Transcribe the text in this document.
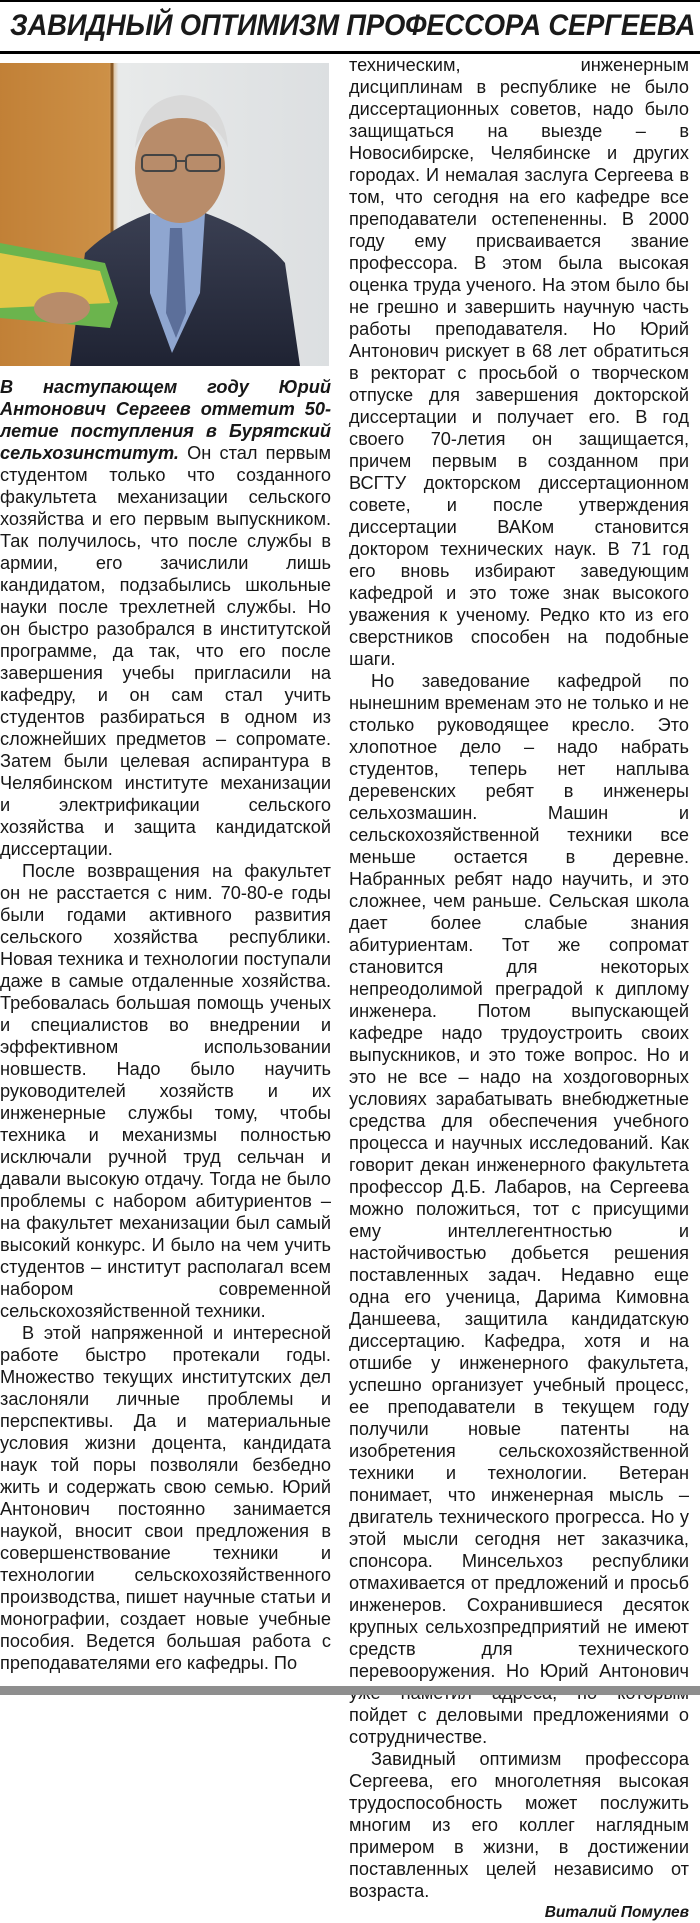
ЗАВИДНЫЙ ОПТИМИЗМ ПРОФЕССОРА СЕРГЕЕВА

В наступающем году Юрий Антонович Сергеев отметит 50-летие поступления в Бурятский сельхозинститут. Он стал первым студентом только что созданного факультета механизации сельского хозяйства и его первым выпускником. Так получилось, что после службы в армии, его зачислили лишь кандидатом, подзабылись школьные науки после трехлетней службы. Но он быстро разобрался в институтской программе, да так, что его после завершения учебы пригласили на кафедру, и он сам стал учить студентов разбираться в одном из сложнейших предметов – сопромате. Затем были целевая аспирантура в Челябинском институте механизации и электрификации сельского хозяйства и защита кандидатской диссертации.

После возвращения на факультет он не расстается с ним. 70-80-е годы были годами активного развития сельского хозяйства республики. Новая техника и технологии поступали даже в самые отдаленные хозяйства. Требовалась большая помощь ученых и специалистов во внедрении и эффективном использовании новшеств. Надо было научить руководителей хозяйств и их инженерные службы тому, чтобы техника и механизмы полностью исключали ручной труд сельчан и давали высокую отдачу. Тогда не было проблемы с набором абитуриентов – на факультет механизации был самый высокий конкурс. И было на чем учить студентов – институт располагал всем набором современной сельскохозяйственной техники.

В этой напряженной и интересной работе быстро протекали годы. Множество текущих институтских дел заслоняли личные проблемы и перспективы. Да и материальные условия жизни доцента, кандидата наук той поры позволяли безбедно жить и содержать свою семью. Юрий Антонович постоянно занимается наукой, вносит свои предложения в совершенствование техники и технологии сельскохозяйственного производства, пишет научные статьи и монографии, создает новые учебные пособия. Ведется большая работа с преподавателями его кафедры. По

техническим, инженерным дисциплинам в республике не было диссертационных советов, надо было защищаться на выезде – в Новосибирске, Челябинске и других городах. И немалая заслуга Сергеева в том, что сегодня на его кафедре все преподаватели остепененны. В 2000 году ему присваивается звание профессора. В этом была высокая оценка труда ученого. На этом было бы не грешно и завершить научную часть работы преподавателя. Но Юрий Антонович рискует в 68 лет обратиться в ректорат с просьбой о творческом отпуске для завершения докторской диссертации и получает его. В год своего 70-летия он защищается, причем первым в созданном при ВСГТУ докторском диссертационном совете, и после утверждения диссертации ВАКом становится доктором технических наук. В 71 год его вновь избирают заведующим кафедрой и это тоже знак высокого уважения к ученому. Редко кто из его сверстников способен на подобные шаги.

Но заведование кафедрой по нынешним временам это не только и не столько руководящее кресло. Это хлопотное дело – надо набрать студентов, теперь нет наплыва деревенских ребят в инженеры сельхозмашин. Машин и сельскохозяйственной техники все меньше остается в деревне. Набранных ребят надо научить, и это сложнее, чем раньше. Сельская школа дает более слабые знания абитуриентам. Тот же сопромат становится для некоторых непреодолимой преградой к диплому инженера. Потом выпускающей кафедре надо трудоустроить своих выпускников, и это тоже вопрос. Но и это не все – надо на хоздоговорных условиях зарабатывать внебюджетные средства для обеспечения учебного процесса и научных исследований. Как говорит декан инженерного факультета профессор Д.Б. Лабаров, на Сергеева можно положиться, тот с присущими ему интеллегентностью и настойчивостью добьется решения поставленных задач. Недавно еще одна его ученица, Дарима Кимовна Даншеева, защитила кандидатскую диссертацию. Кафедра, хотя и на отшибе у инженерного факультета, успешно организует учебный процесс, ее преподаватели в текущем году получили новые патенты на изобретения сельскохозяйственной техники и технологии. Ветеран понимает, что инженерная мысль – двигатель технического прогресса. Но у этой мысли сегодня нет заказчика, спонсора. Минсельхоз республики отмахивается от предложений и просьб инженеров. Сохранившиеся десяток крупных сельхозпредприятий не имеют средств для технического перевооружения. Но Юрий Антонович пойдет с деловыми предложениями о сотрудничестве.

Завидный оптимизм профессора Сергеева, его многолетняя высокая трудоспособность может послужить многим из его коллег наглядным примером в жизни, в достижении поставленных целей независимо от возраста.

Виталий Помулев
